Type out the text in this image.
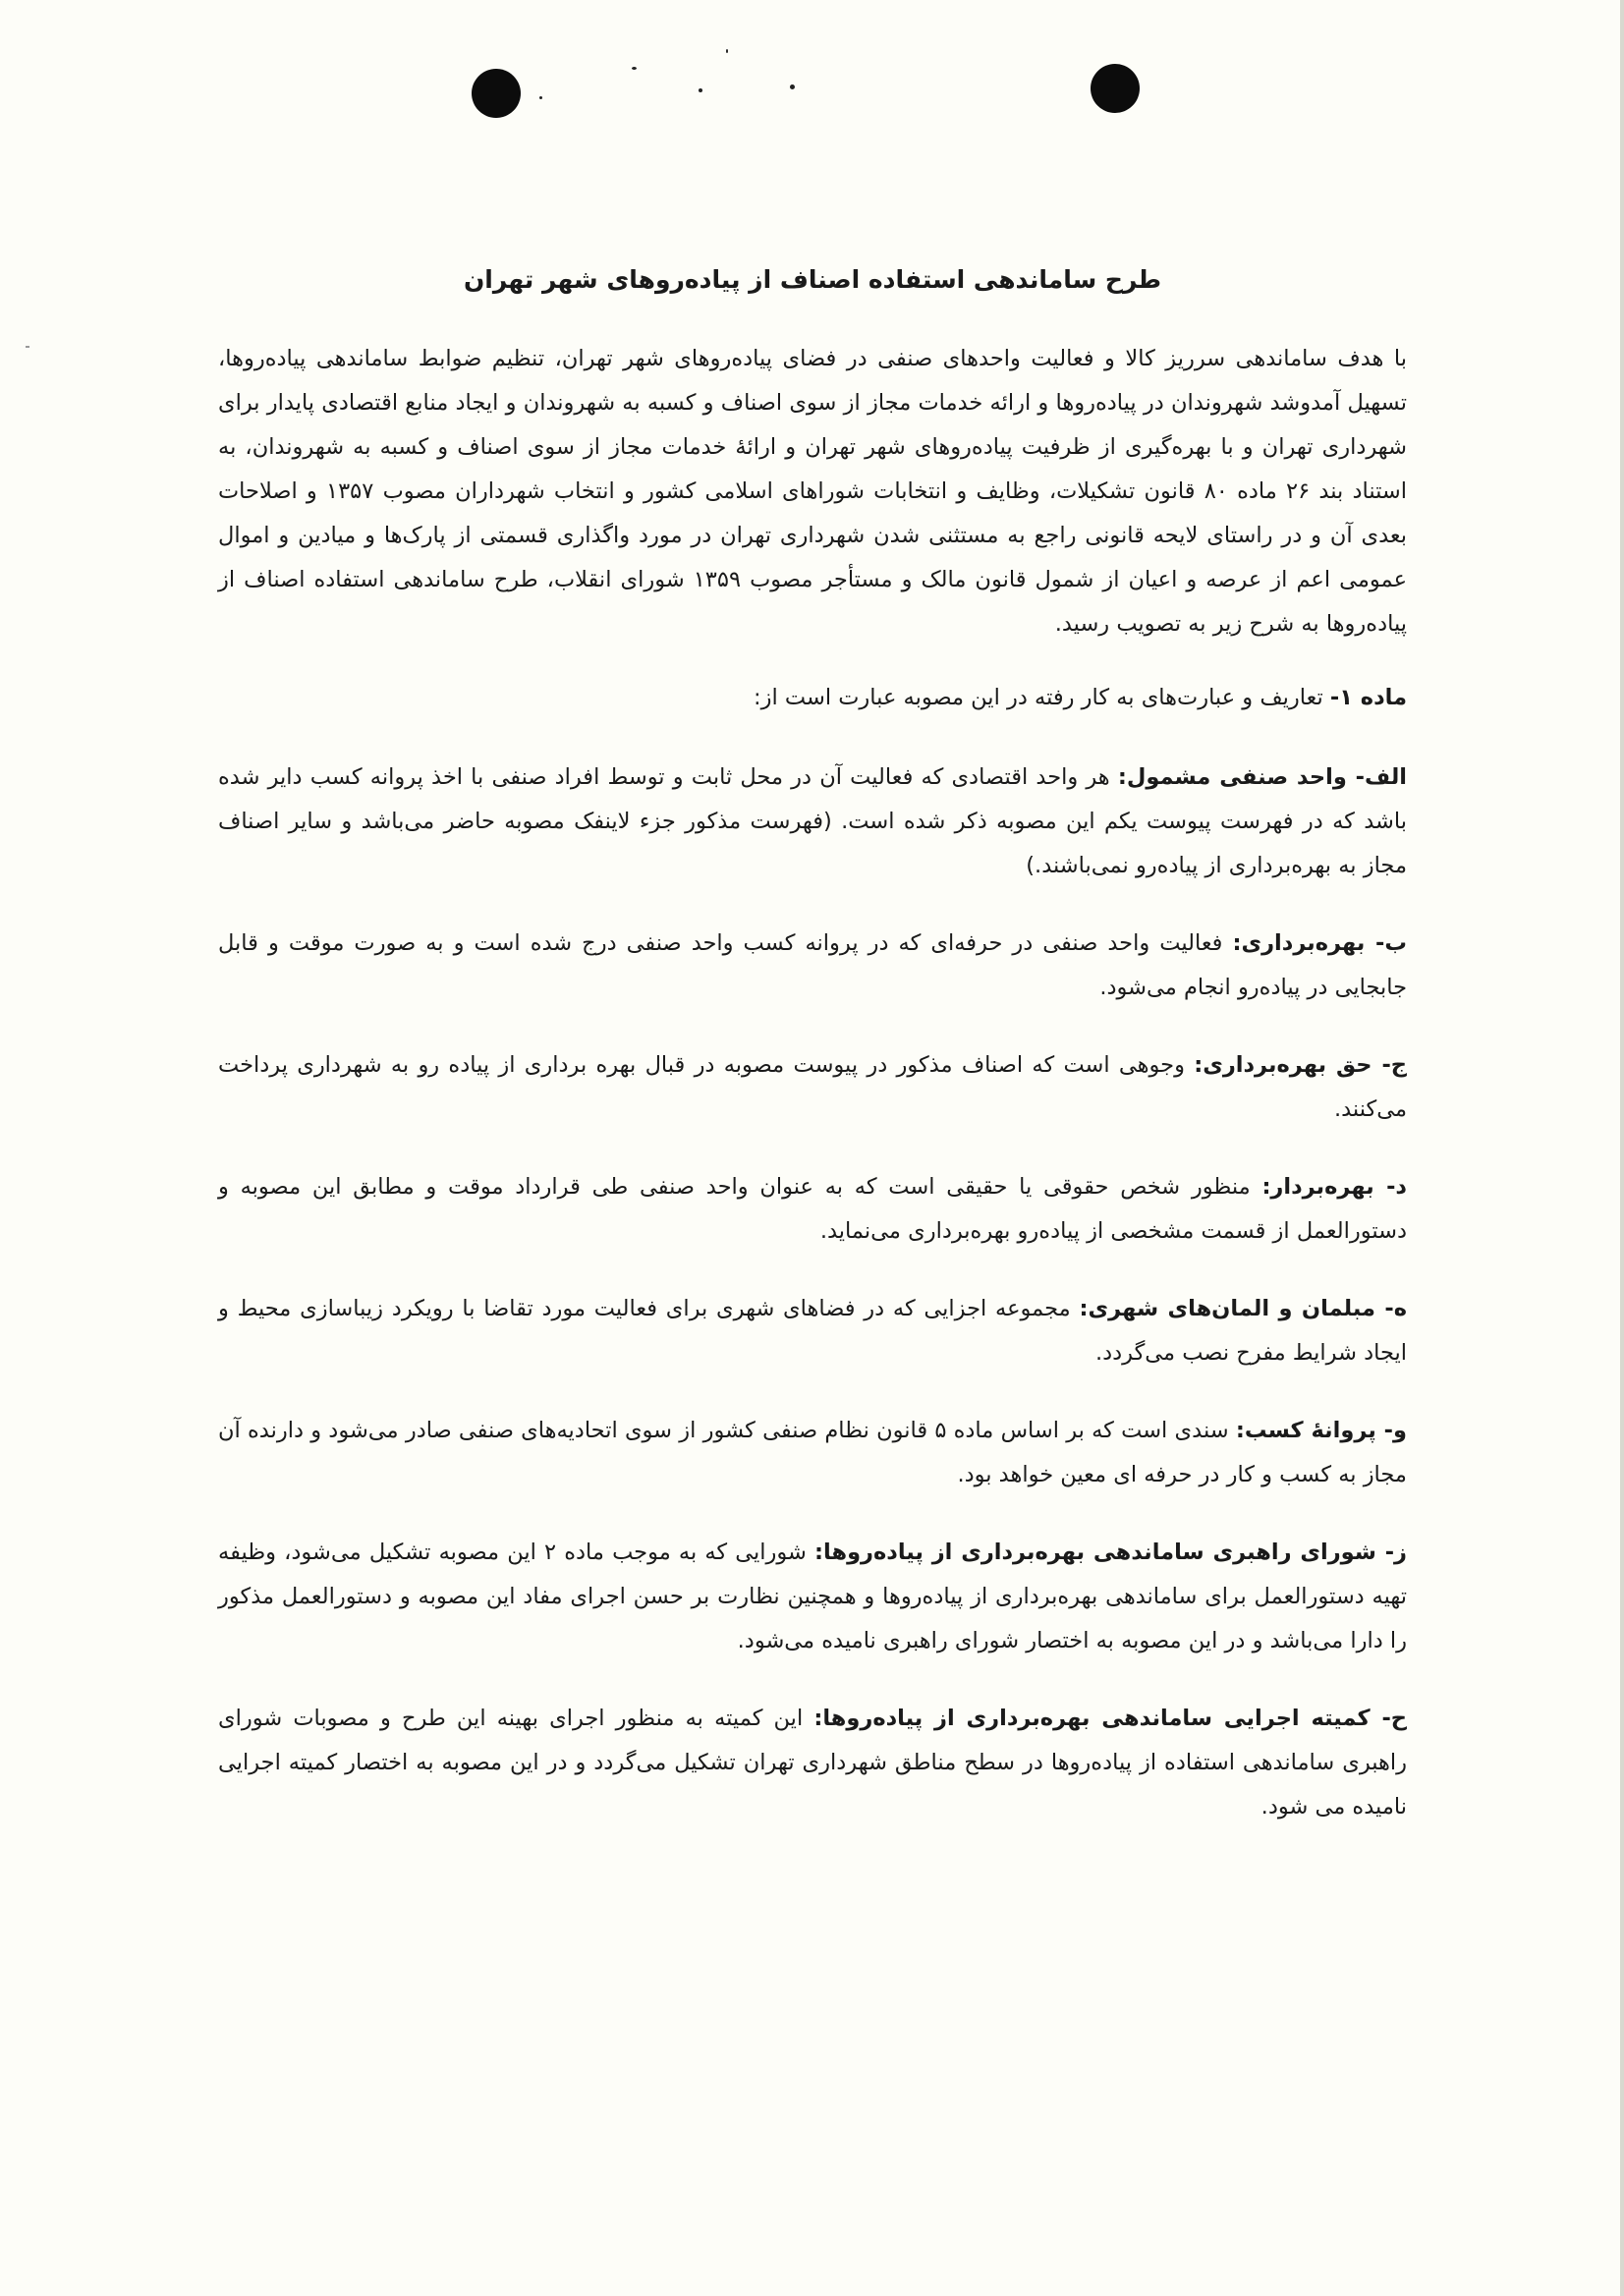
طرح ساماندهی استفاده اصناف از پیاده‌روهای شهر تهران

با هدف ساماندهی سرریز کالا و فعالیت واحدهای صنفی در فضای پیاده‌روهای شهر تهران، تنظیم ضوابط ساماندهی پیاده‌روها، تسهیل آمدوشد شهروندان در پیاده‌روها و ارائه خدمات مجاز از سوی اصناف و کسبه به شهروندان و ایجاد منابع اقتصادی پایدار برای شهرداری تهران و با بهره‌گیری از ظرفیت پیاده‌روهای شهر تهران و ارائهٔ خدمات مجاز از سوی اصناف و کسبه به شهروندان، به استناد بند ۲۶ ماده ۸۰ قانون تشکیلات، وظایف و انتخابات شوراهای اسلامی کشور و انتخاب شهرداران مصوب ۱۳۵۷ و اصلاحات بعدی آن و در راستای لایحه قانونی راجع به مستثنی شدن شهرداری تهران در مورد واگذاری قسمتی از پارک‌ها و میادین و اموال عمومی اعم از عرصه و اعیان از شمول قانون مالک و مستأجر مصوب ۱۳۵۹ شورای انقلاب، طرح ساماندهی استفاده اصناف از پیاده‌روها به شرح زیر به تصویب رسید.

ماده ۱- تعاریف و عبارت‌های به کار رفته در این مصوبه عبارت است از:

الف- واحد صنفی مشمول: هر واحد اقتصادی که فعالیت آن در محل ثابت و توسط افراد صنفی با اخذ پروانه کسب دایر شده باشد که در فهرست پیوست یکم این مصوبه ذکر شده است. (فهرست مذکور جزء لاینفک مصوبه حاضر می‌باشد و سایر اصناف مجاز به بهره‌برداری از پیاده‌رو نمی‌باشند.)

ب- بهره‌برداری: فعالیت واحد صنفی در حرفه‌ای که در پروانه کسب واحد صنفی درج شده است و به صورت موقت و قابل جابجایی در پیاده‌رو انجام می‌شود.

ج- حق بهره‌برداری: وجوهی است که اصناف مذکور در پیوست مصوبه در قبال بهره برداری از پیاده رو به شهرداری پرداخت می‌کنند.

د- بهره‌بردار: منظور شخص حقوقی یا حقیقی است که به عنوان واحد صنفی طی قرارداد موقت و مطابق این مصوبه و دستورالعمل از قسمت مشخصی از پیاده‌رو بهره‌برداری می‌نماید.

ه- مبلمان و المان‌های شهری: مجموعه اجزایی که در فضاهای شهری برای فعالیت مورد تقاضا با رویکرد زیباسازی محیط و ایجاد شرایط مفرح نصب می‌گردد.

و- پروانهٔ کسب: سندی است که بر اساس ماده ۵ قانون نظام صنفی کشور از سوی اتحادیه‌های صنفی صادر می‌شود و دارنده آن مجاز به کسب و کار در حرفه ای معین خواهد بود.

ز- شورای راهبری ساماندهی بهره‌برداری از پیاده‌روها: شورایی که به موجب ماده ۲ این مصوبه تشکیل می‌شود، وظیفه تهیه دستورالعمل برای ساماندهی بهره‌برداری از پیاده‌روها و همچنین نظارت بر حسن اجرای مفاد این مصوبه و دستورالعمل مذکور را دارا می‌باشد و در این مصوبه به اختصار شورای راهبری نامیده می‌شود.

ح- کمیته اجرایی ساماندهی بهره‌برداری از پیاده‌روها: این کمیته به منظور اجرای بهینه این طرح و مصوبات شورای راهبری ساماندهی استفاده از پیاده‌روها در سطح مناطق شهرداری تهران تشکیل می‌گردد و در این مصوبه به اختصار کمیته اجرایی نامیده می شود.
